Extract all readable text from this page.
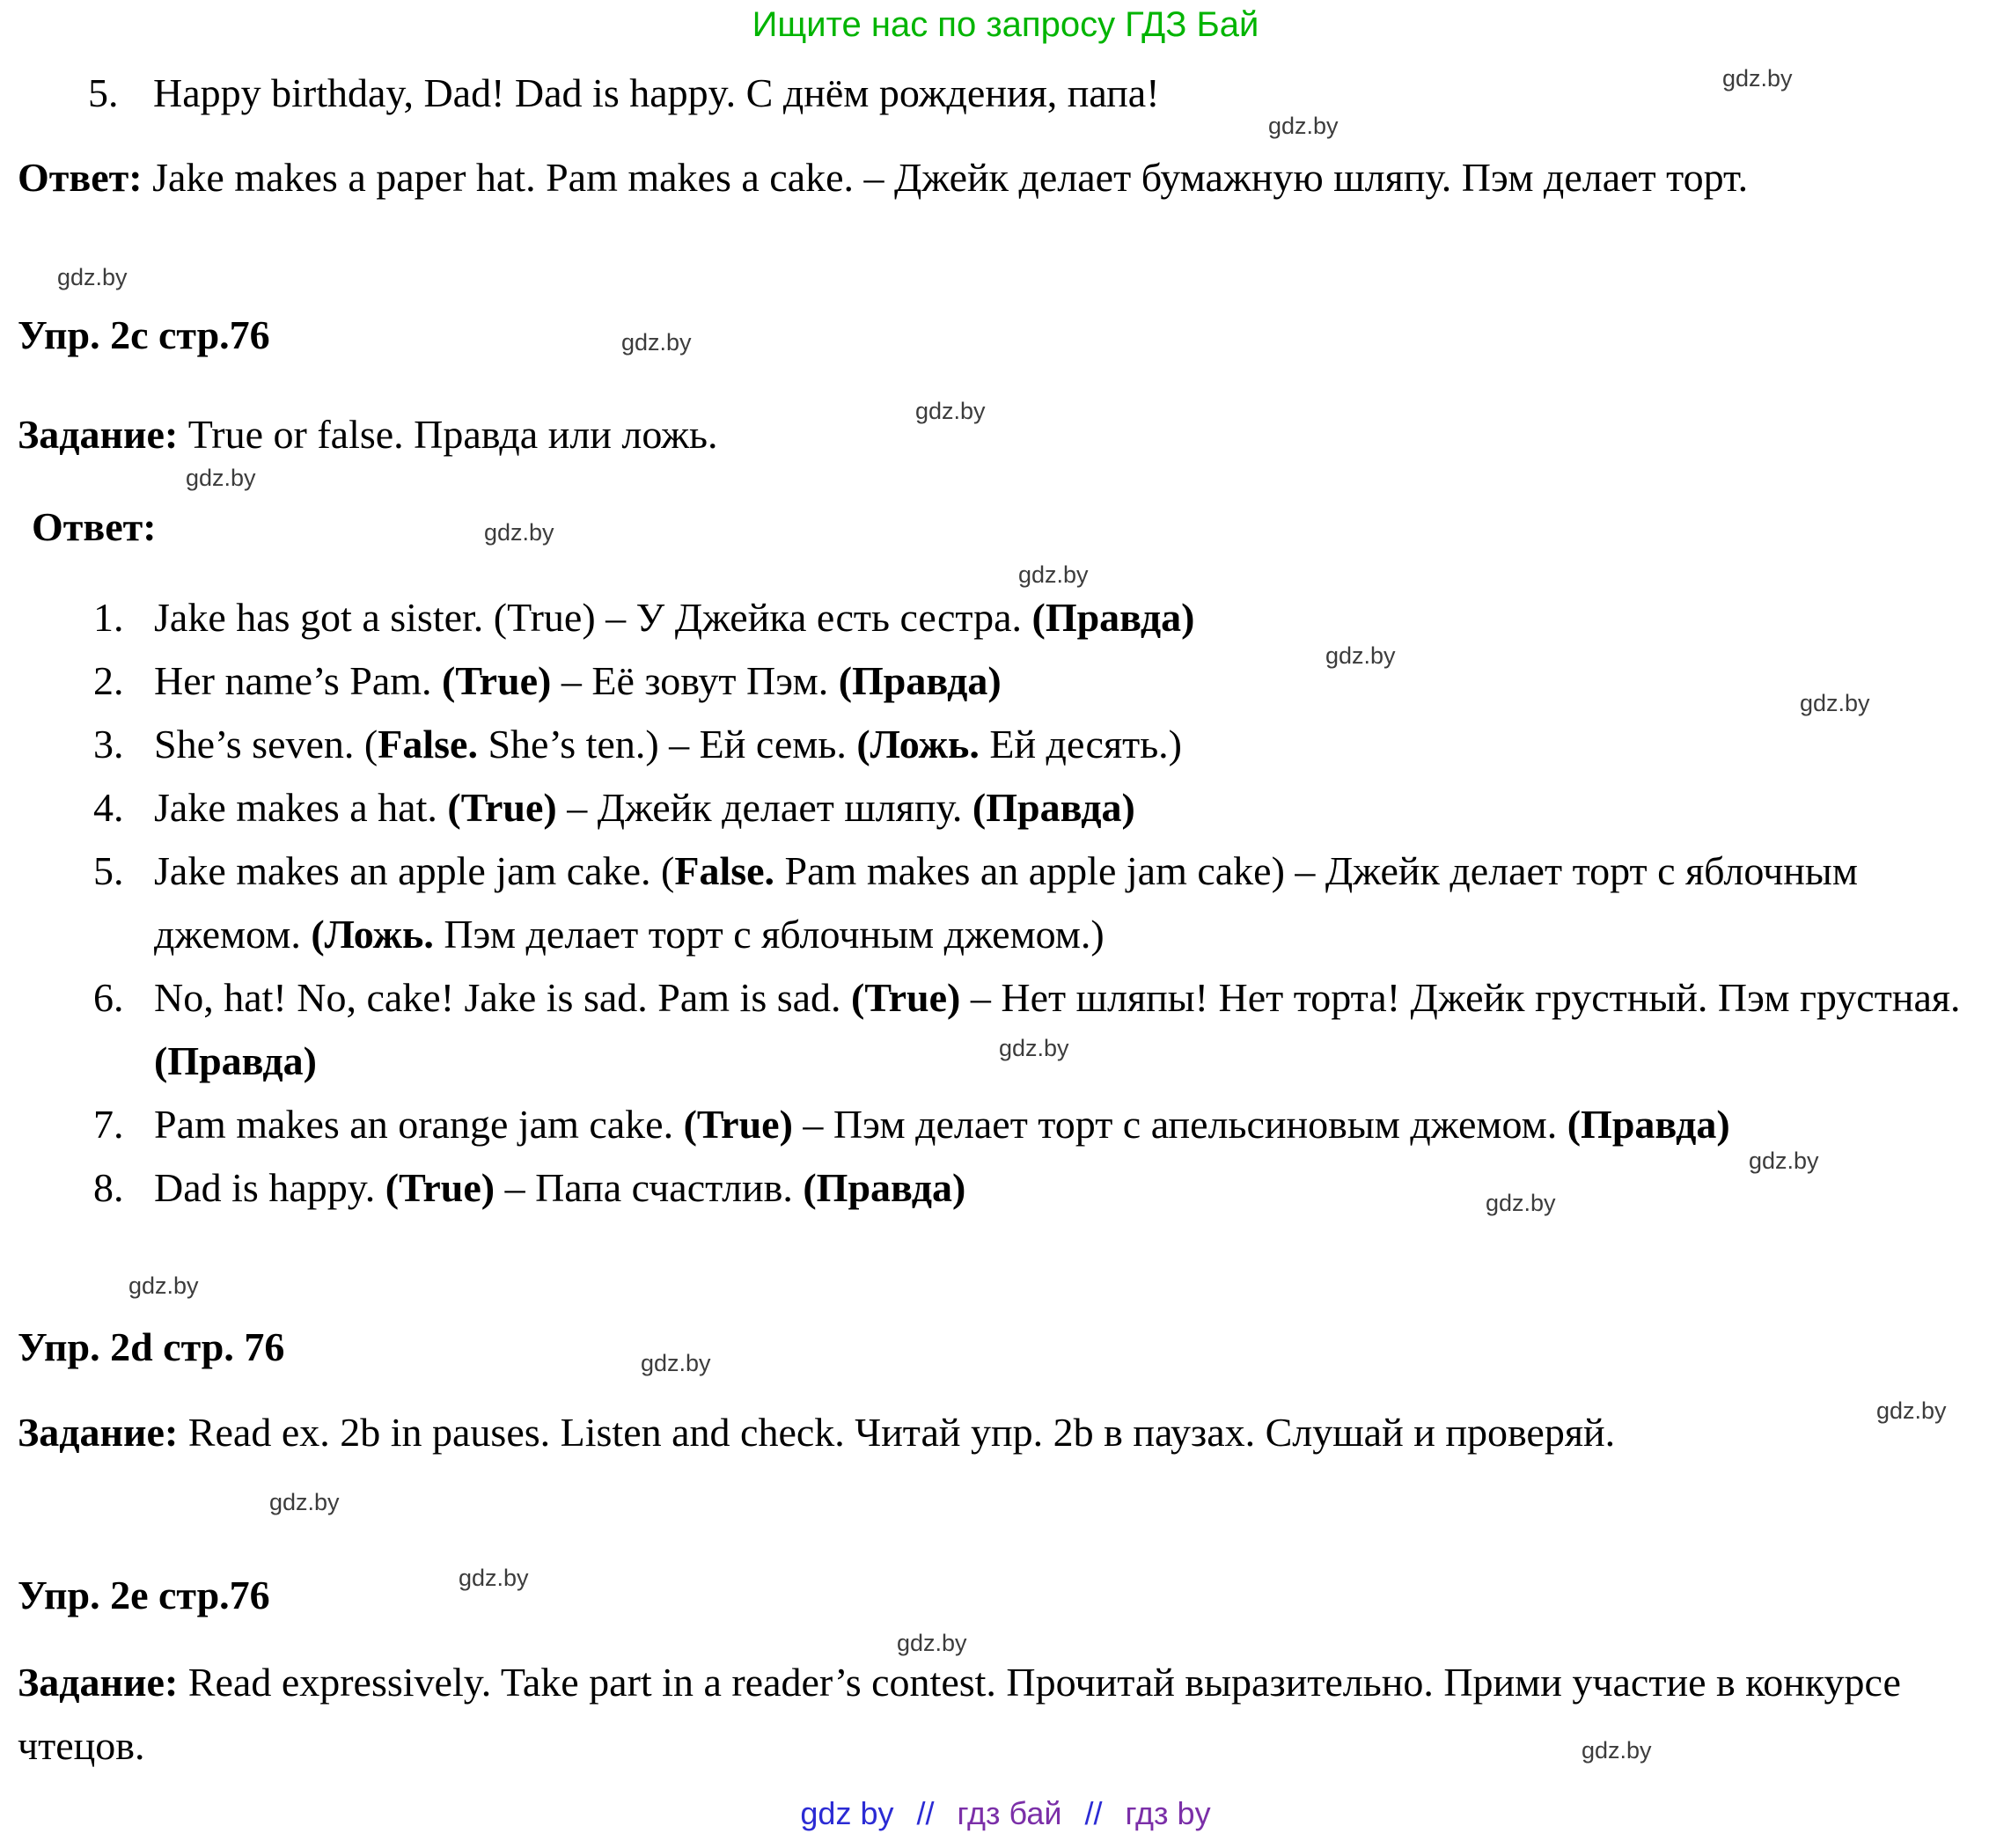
Ищите нас по запросу ГДЗ Бай
5. Happy birthday, Dad! Dad is happy. С днём рождения, папа!
Ответ: Jake makes a paper hat. Pam makes a cake. – Джейк делает бумажную шляпу. Пэм делает торт.
Упр. 2c стр.76
Задание: True or false. Правда или ложь.
Ответ:
1. Jake has got a sister. (True) – У Джейка есть сестра. (Правда)
2. Her name’s Pam. (True) – Её зовут Пэм. (Правда)
3. She’s seven. (False. She’s ten.) – Ей семь. (Ложь. Ей десять.)
4. Jake makes a hat. (True) – Джейк делает шляпу. (Правда)
5. Jake makes an apple jam cake. (False. Pam makes an apple jam cake) – Джейк делает торт с яблочным джемом. (Ложь. Пэм делает торт с яблочным джемом.)
6. No, hat! No, cake! Jake is sad. Pam is sad. (True) – Нет шляпы! Нет торта! Джейк грустный. Пэм грустная. (Правда)
7. Pam makes an orange jam cake. (True) – Пэм делает торт с апельсиновым джемом. (Правда)
8. Dad is happy. (True) – Папа счастлив. (Правда)
Упр. 2d стр. 76
Задание: Read ex. 2b in pauses. Listen and check. Читай упр. 2b в паузах. Слушай и проверяй.
Упр. 2e стр.76
Задание: Read expressively. Take part in a reader’s contest. Прочитай выразительно. Прими участие в конкурсе чтецов.
gdz by // гдз бай // гдз by
gdz.by
gdz.by
gdz.by
gdz.by
gdz.by
gdz.by
gdz.by
gdz.by
gdz.by
gdz.by
gdz.by
gdz.by
gdz.by
gdz.by
gdz.by
gdz.by
gdz.by
gdz.by
gdz.by
gdz.by
